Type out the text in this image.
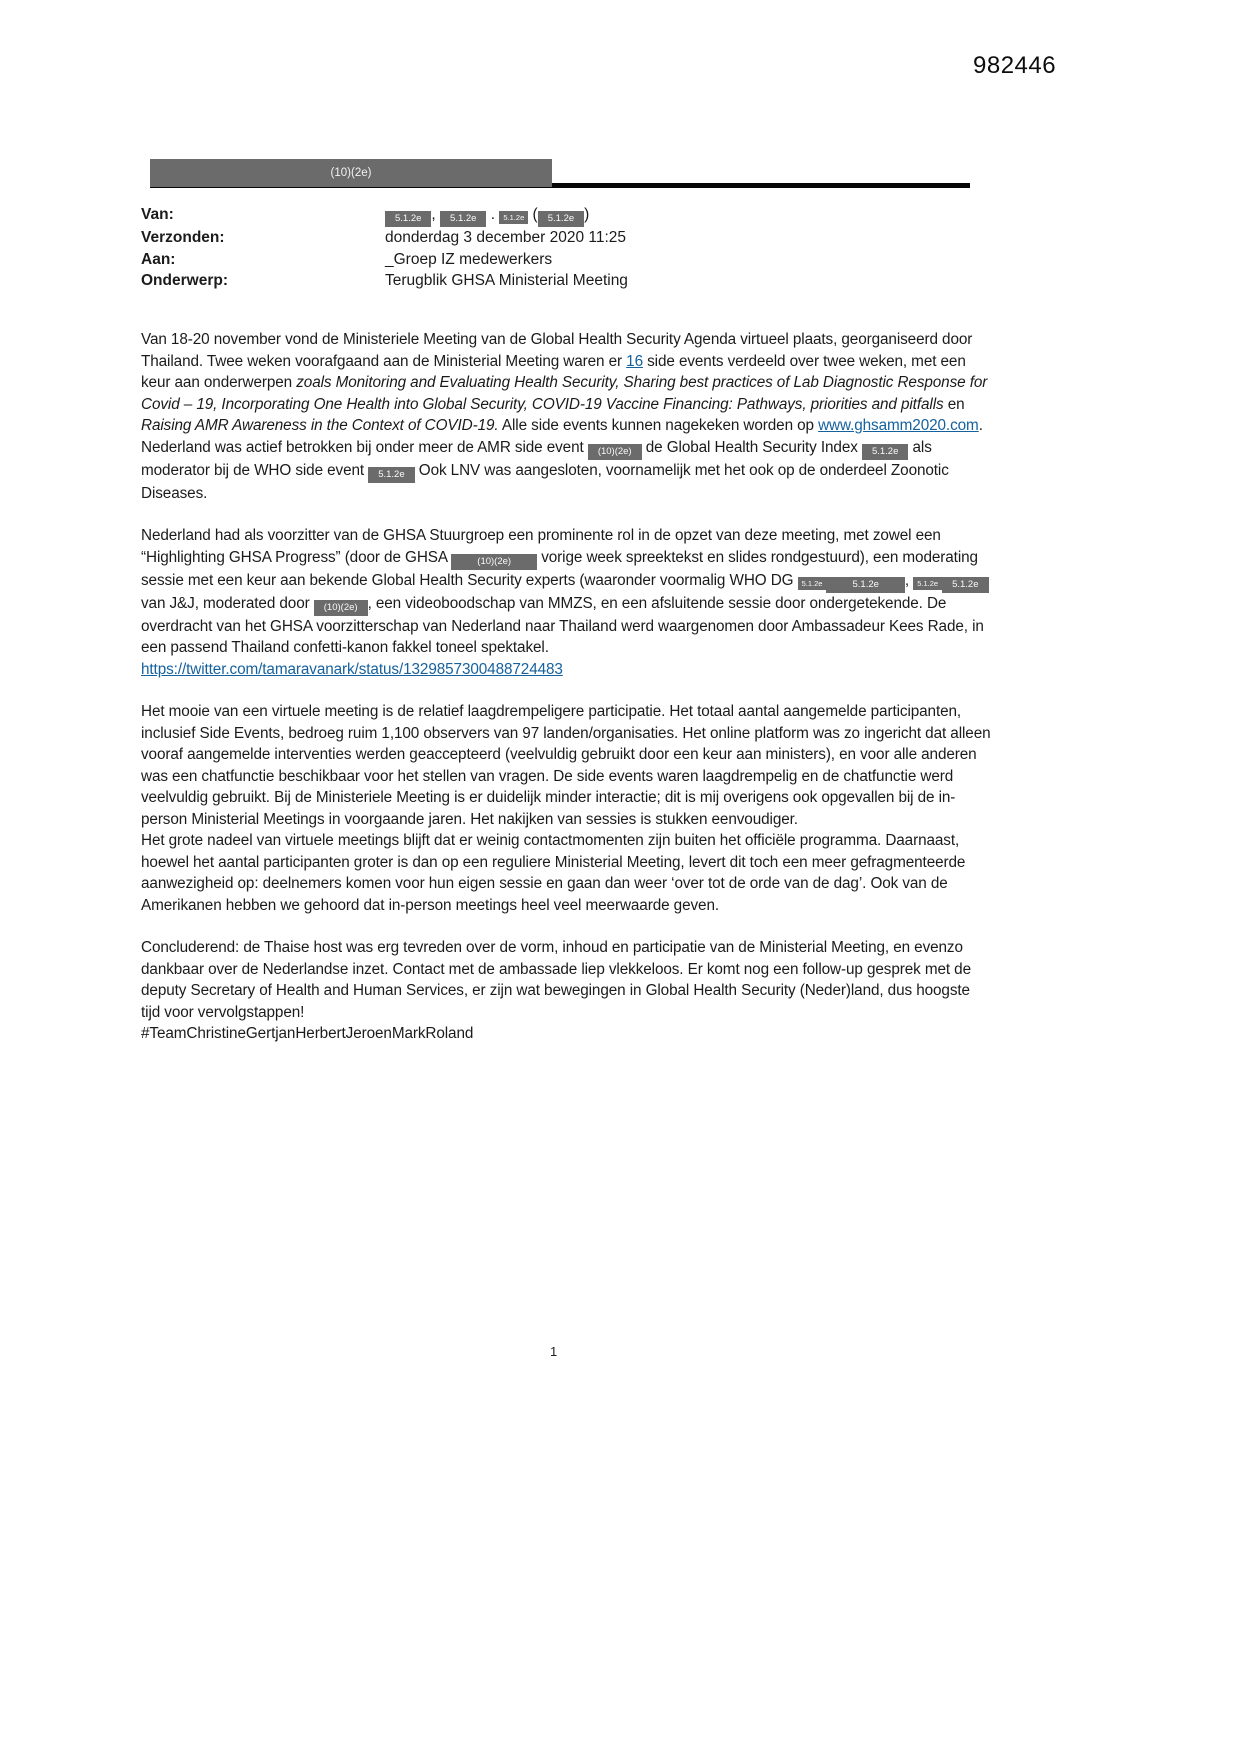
982446
(10)(2e)
Van:	5.1.2e , 5.1.2e . 5.1.2e ( 5.1.2e )
Verzonden:	donderdag 3 december 2020 11:25
Aan:	_Groep IZ medewerkers
Onderwerp:	Terugblik GHSA Ministerial Meeting

Van 18-20 november vond de Ministeriele Meeting van de Global Health Security Agenda virtueel plaats, georganiseerd door Thailand. Twee weken voorafgaand aan de Ministerial Meeting waren er 16 side events verdeeld over twee weken, met een keur aan onderwerpen zoals Monitoring and Evaluating Health Security, Sharing best practices of Lab Diagnostic Response for Covid – 19, Incorporating One Health into Global Security, COVID-19 Vaccine Financing: Pathways, priorities and pitfalls en Raising AMR Awareness in the Context of COVID-19. Alle side events kunnen nagekeken worden op www.ghsamm2020.com. Nederland was actief betrokken bij onder meer de AMR side event (10)(2e) de Global Health Security Index 5.1.2e als moderator bij de WHO side event 5.1.2e Ook LNV was aangesloten, voornamelijk met het ook op de onderdeel Zoonotic Diseases.

Nederland had als voorzitter van de GHSA Stuurgroep een prominente rol in de opzet van deze meeting, met zowel een “Highlighting GHSA Progress” (door de GHSA	(10)(2e) vorige week spreektekst en slides rondgestuurd), een moderating sessie met een keur aan bekende Global Health Security experts (waaronder voormalig WHO DG 5.1.2e	5.1.2e , 5.1.2e 5.1.2e van J&J, moderated door (10)(2e) , een videoboodschap van MMZS, en een afsluitende sessie door ondergetekende. De overdracht van het GHSA voorzitterschap van Nederland naar Thailand werd waargenomen door Ambassadeur Kees Rade, in een passend Thailand confetti-kanon fakkel toneel spektakel.
https://twitter.com/tamaravanark/status/1329857300488724483

Het mooie van een virtuele meeting is de relatief laagdrempeligere participatie. Het totaal aantal aangemelde participanten, inclusief Side Events, bedroeg ruim 1,100 observers van 97 landen/organisaties. Het online platform was zo ingericht dat alleen vooraf aangemelde interventies werden geaccepteerd (veelvuldig gebruikt door een keur aan ministers), en voor alle anderen was een chatfunctie beschikbaar voor het stellen van vragen. De side events waren laagdrempelig en de chatfunctie werd veelvuldig gebruikt. Bij de Ministeriele Meeting is er duidelijk minder interactie; dit is mij overigens ook opgevallen bij de in-person Ministerial Meetings in voorgaande jaren. Het nakijken van sessies is stukken eenvoudiger.
Het grote nadeel van virtuele meetings blijft dat er weinig contactmomenten zijn buiten het officiële programma. Daarnaast, hoewel het aantal participanten groter is dan op een reguliere Ministerial Meeting, levert dit toch een meer gefragmenteerde aanwezigheid op: deelnemers komen voor hun eigen sessie en gaan dan weer ‘over tot de orde van de dag’. Ook van de Amerikanen hebben we gehoord dat in-person meetings heel veel meerwaarde geven.

Concluderend: de Thaise host was erg tevreden over de vorm, inhoud en participatie van de Ministerial Meeting, en evenzo dankbaar over de Nederlandse inzet. Contact met de ambassade liep vlekkeloos. Er komt nog een follow-up gesprek met de deputy Secretary of Health and Human Services, er zijn wat bewegingen in Global Health Security (Neder)land, dus hoogste tijd voor vervolgstappen!
#TeamChristineGertjanHerbertJeroenMarkRoland

1
